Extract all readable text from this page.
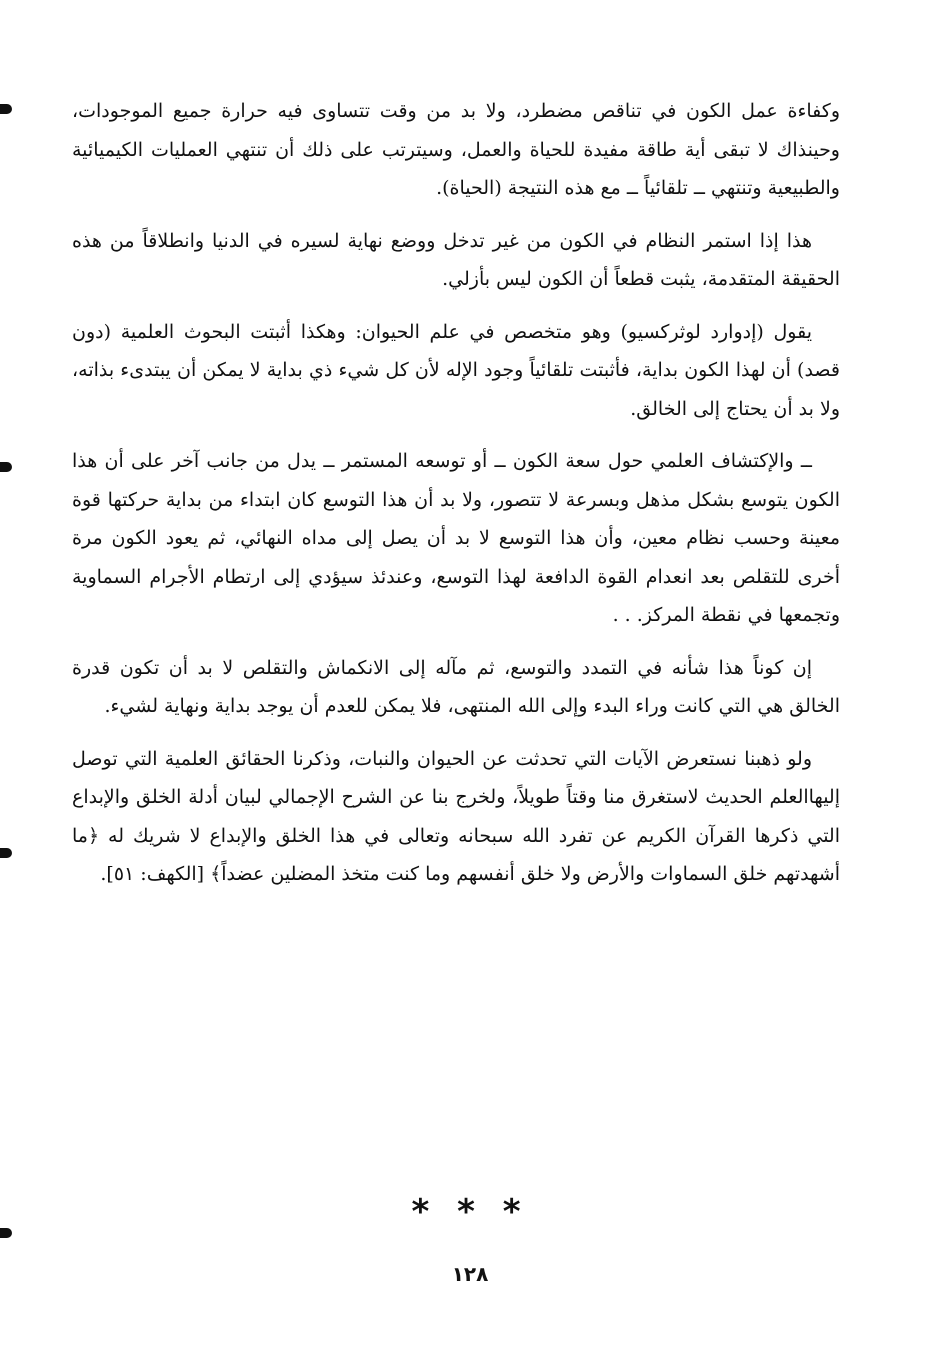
وكفاءة عمل الكون في تناقص مضطرد، ولا بد من وقت تتساوى فيه حرارة جميع الموجودات، وحينذاك لا تبقى أية طاقة مفيدة للحياة والعمل، وسيترتب على ذلك أن تنتهي العمليات الكيميائية والطبيعية وتنتهي ــ تلقائياً ــ مع هذه النتيجة (الحياة).

هذا إذا استمر النظام في الكون من غير تدخل ووضع نهاية لسيره في الدنيا وانطلاقاً من هذه الحقيقة المتقدمة، يثبت قطعاً أن الكون ليس بأزلي.

يقول (إدوارد لوثركسيو) وهو متخصص في علم الحيوان: وهكذا أثبتت البحوث العلمية (دون قصد) أن لهذا الكون بداية، فأثبتت تلقائياً وجود الإله لأن كل شيء ذي بداية لا يمكن أن يبتدىء بذاته، ولا بد أن يحتاج إلى الخالق.

ــ والإكتشاف العلمي حول سعة الكون ــ أو توسعه المستمر ــ يدل من جانب آخر على أن هذا الكون يتوسع بشكل مذهل وبسرعة لا تتصور، ولا بد أن هذا التوسع كان ابتداء من بداية حركتها قوة معينة وحسب نظام معين، وأن هذا التوسع لا بد أن يصل إلى مداه النهائي، ثم يعود الكون مرة أخرى للتقلص بعد انعدام القوة الدافعة لهذا التوسع، وعندئذ سيؤدي إلى ارتطام الأجرام السماوية وتجمعها في نقطة المركز. . .

إن كوناً هذا شأنه في التمدد والتوسع، ثم مآله إلى الانكماش والتقلص لا بد أن تكون قدرة الخالق هي التي كانت وراء البدء وإلى الله المنتهى، فلا يمكن للعدم أن يوجد بداية ونهاية لشيء.

ولو ذهبنا نستعرض الآيات التي تحدثت عن الحيوان والنبات، وذكرنا الحقائق العلمية التي توصل إليهاالعلم الحديث لاستغرق منا وقتاً طويلاً، ولخرج بنا عن الشرح الإجمالي لبيان أدلة الخلق والإبداع التي ذكرها القرآن الكريم عن تفرد الله سبحانه وتعالى في هذا الخلق والإبداع لا شريك له ﴿ما أشهدتهم خلق السماوات والأرض ولا خلق أنفسهم وما كنت متخذ المضلين عضداً﴾ [الكهف: ٥١].

* * *
١٢٨
